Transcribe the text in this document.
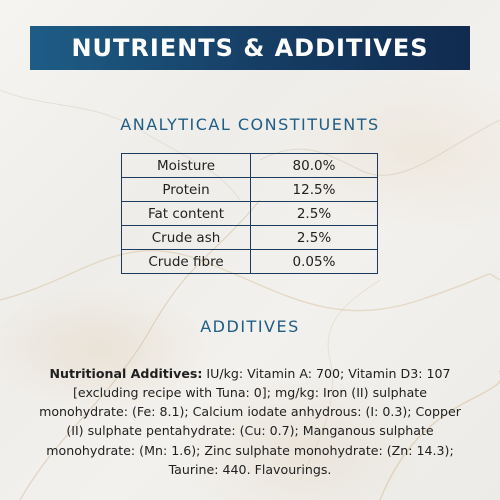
NUTRIENTS & ADDITIVES
ANALYTICAL CONSTITUENTS
Moisture	80.0%
Protein	12.5%
Fat content	2.5%
Crude ash	2.5%
Crude fibre	0.05%
ADDITIVES

Nutritional Additives: IU/kg: Vitamin A: 700; Vitamin D3: 107 [excluding recipe with Tuna: 0]; mg/kg: Iron (II) sulphate monohydrate: (Fe: 8.1); Calcium iodate anhydrous: (I: 0.3); Copper (II) sulphate pentahydrate: (Cu: 0.7); Manganous sulphate monohydrate: (Mn: 1.6); Zinc sulphate monohydrate: (Zn: 14.3); Taurine: 440. Flavourings.
